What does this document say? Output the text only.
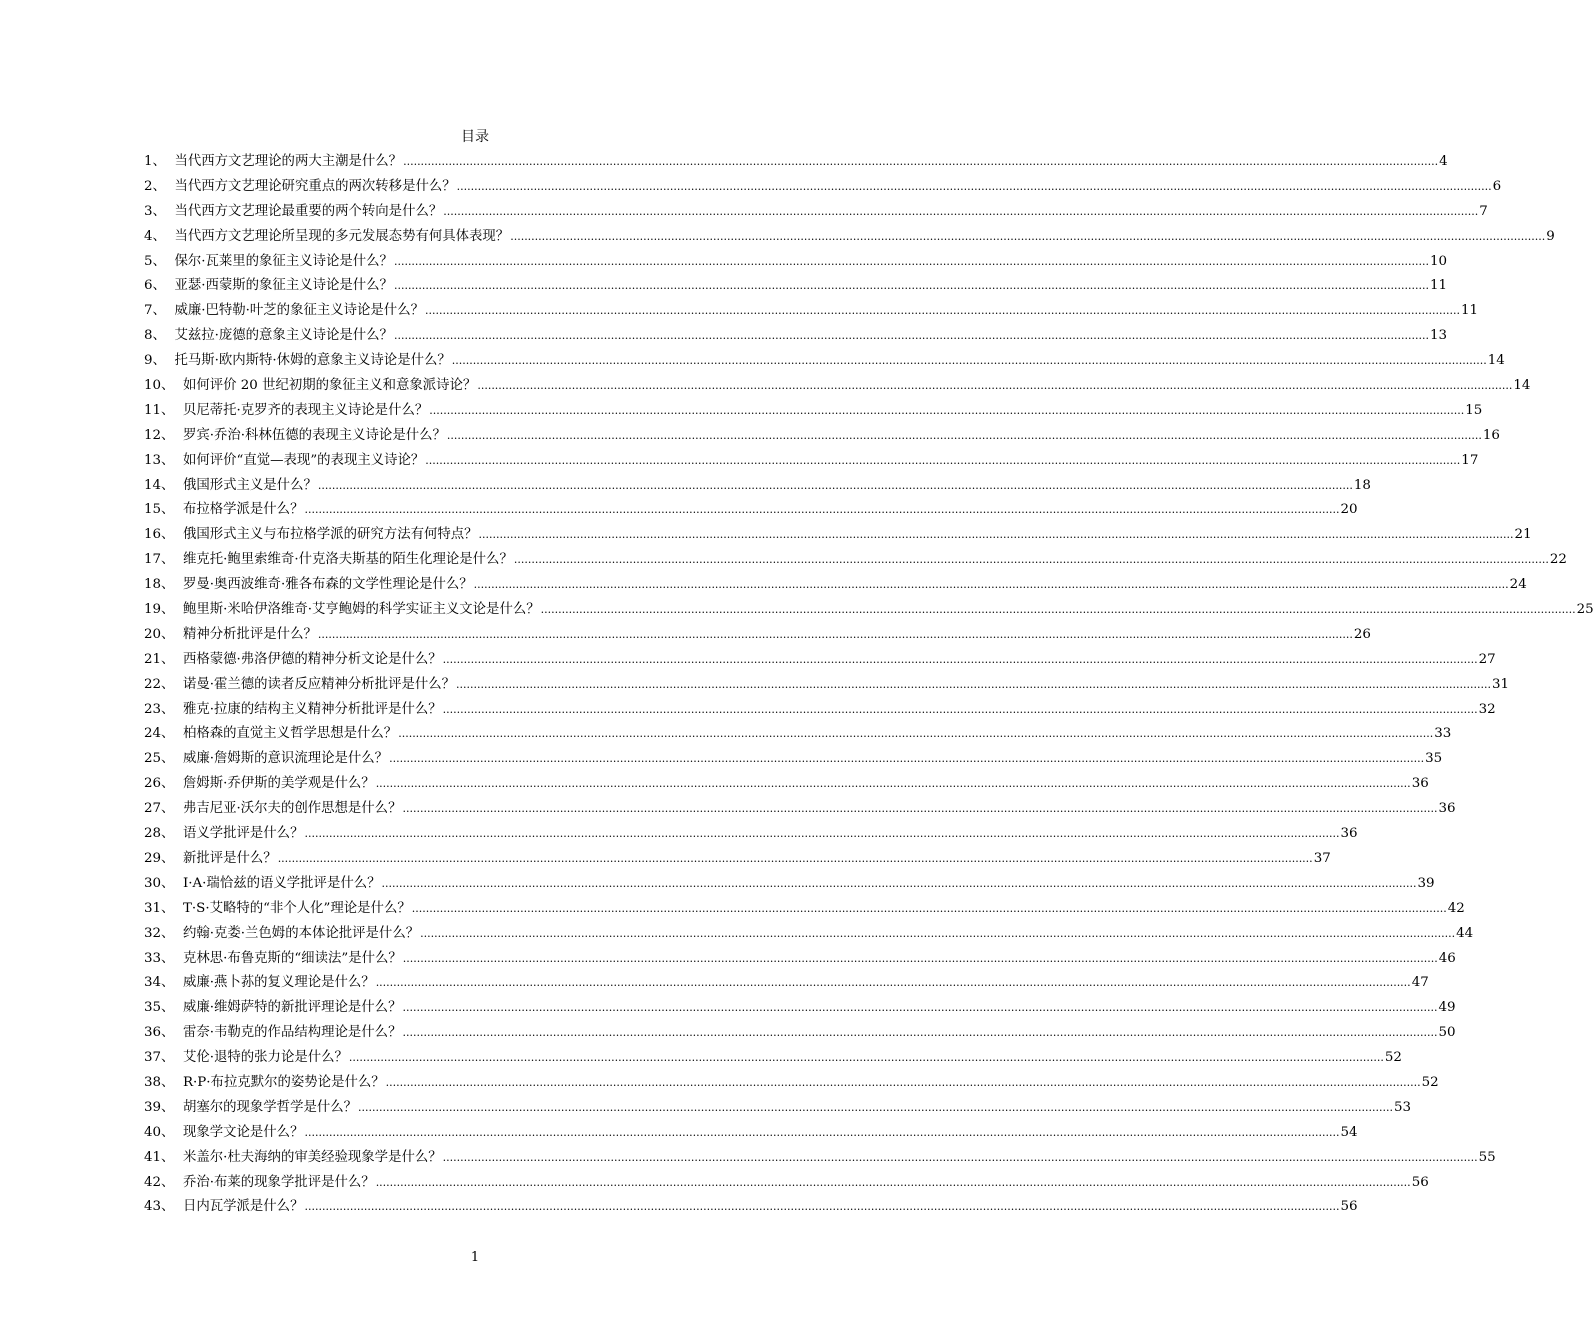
目录
1、
当代西方文艺理论的两大主潮是什么？ .....	4
2、
当代西方文艺理论研究重点的两次转移是什么？ .....	6
3、
当代西方文艺理论最重要的两个转向是什么？ .....	7
4、
当代西方文艺理论所呈现的多元发展态势有何具体表现？ .....	9
5、
保尔·瓦莱里的象征主义诗论是什么？ .....	10
6、
亚瑟·西蒙斯的象征主义诗论是什么？ .....	11
7、
威廉·巴特勒·叶芝的象征主义诗论是什么？ .....	11
8、
艾兹拉·庞德的意象主义诗论是什么？ .....	13
9、
托马斯·欧内斯特·休姆的意象主义诗论是什么？ .....	14
10、
如何评价 20 世纪初期的象征主义和意象派诗论？ .....	14
11、
贝尼蒂托·克罗齐的表现主义诗论是什么？ .....	15
12、
罗宾·乔治·科林伍德的表现主义诗论是什么？ .....	16
13、
如何评价“直觉—表现”的表现主义诗论？ .....	17
14、
俄国形式主义是什么？ .....	18
15、
布拉格学派是什么？ .....	20
16、
俄国形式主义与布拉格学派的研究方法有何特点？ .....	21
17、
维克托·鲍里索维奇·什克洛夫斯基的陌生化理论是什么？ .....	22
18、
罗曼·奥西波维奇·雅各布森的文学性理论是什么？ .....	24
19、
鲍里斯·米哈伊洛维奇·艾亨鲍姆的科学实证主义文论是什么？ .....	25
20、
精神分析批评是什么？ .....	26
21、
西格蒙德·弗洛伊德的精神分析文论是什么？ .....	27
22、
诺曼·霍兰德的读者反应精神分析批评是什么？ .....	31
23、
雅克·拉康的结构主义精神分析批评是什么？ .....	32
24、
柏格森的直觉主义哲学思想是什么？ .....	33
25、
威廉·詹姆斯的意识流理论是什么？ .....	35
26、
詹姆斯·乔伊斯的美学观是什么？ .....	36
27、
弗吉尼亚·沃尔夫的创作思想是什么？ .....	36
28、
语义学批评是什么？ .....	36
29、
新批评是什么？ .....	37
30、
I·A·瑞恰兹的语义学批评是什么？ .....	39
31、
T·S·艾略特的“非个人化”理论是什么？ .....	42
32、
约翰·克娄·兰色姆的本体论批评是什么？ .....	44
33、
克林思·布鲁克斯的“细读法”是什么？ .....	46
34、
威廉·燕卜荪的复义理论是什么？ .....	47
35、
威廉·维姆萨特的新批评理论是什么？ .....	49
36、
雷奈·韦勒克的作品结构理论是什么？ .....	50
37、
艾伦·退特的张力论是什么？ .....	52
38、
R·P·布拉克默尔的姿势论是什么？ .....	52
39、
胡塞尔的现象学哲学是什么？ .....	53
40、
现象学文论是什么？ .....	54
41、
米盖尔·杜夫海纳的审美经验现象学是什么？ .....	55
42、
乔治·布莱的现象学批评是什么？ .....	56
43、
日内瓦学派是什么？ .....	56
1
